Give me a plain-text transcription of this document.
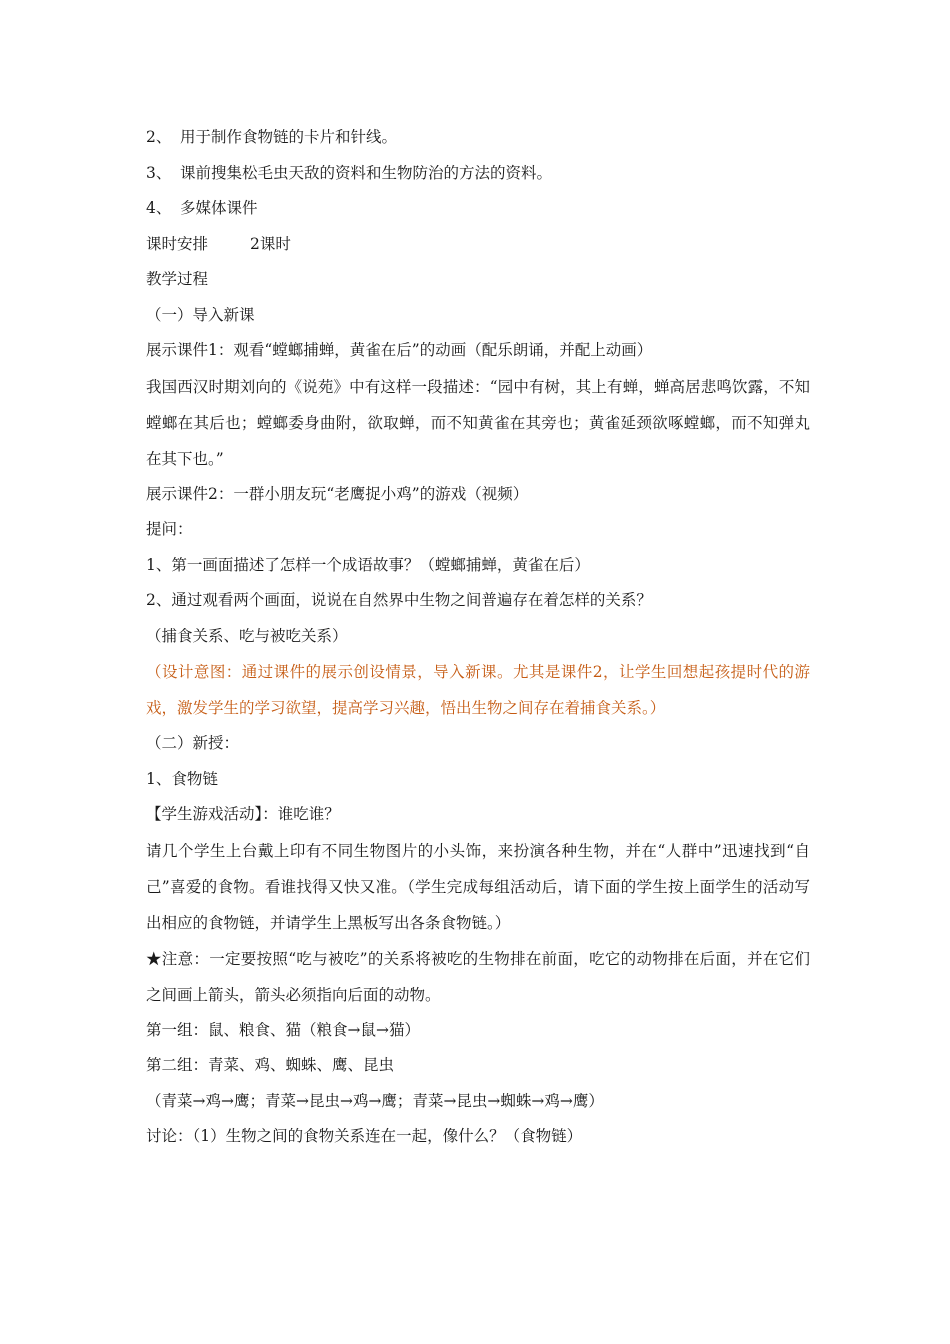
2、 用于制作食物链的卡片和针线。
3、 课前搜集松毛虫天敌的资料和生物防治的方法的资料。
4、 多媒体课件
课时安排	2课时
教学过程
（一）导入新课
展示课件1：观看“螳螂捕蝉，黄雀在后”的动画（配乐朗诵，并配上动画）
我国西汉时期刘向的《说苑》中有这样一段描述：“园中有树，其上有蝉，蝉高居悲鸣饮露，不知螳螂在其后也；螳螂委身曲附，欲取蝉，而不知黄雀在其旁也；黄雀延颈欲啄螳螂，而不知弹丸在其下也。”
展示课件2：一群小朋友玩“老鹰捉小鸡”的游戏（视频）
提问：
1、第一画面描述了怎样一个成语故事？（螳螂捕蝉，黄雀在后）
2、通过观看两个画面，说说在自然界中生物之间普遍存在着怎样的关系？
（捕食关系、吃与被吃关系）
（设计意图：通过课件的展示创设情景，导入新课。尤其是课件2，让学生回想起孩提时代的游戏，激发学生的学习欲望，提高学习兴趣，悟出生物之间存在着捕食关系。）
（二）新授：
1、食物链
【学生游戏活动】：谁吃谁？
请几个学生上台戴上印有不同生物图片的小头饰，来扮演各种生物，并在“人群中”迅速找到“自己”喜爱的食物。看谁找得又快又准。（学生完成每组活动后，请下面的学生按上面学生的活动写出相应的食物链，并请学生上黑板写出各条食物链。）
★注意：一定要按照“吃与被吃”的关系将被吃的生物排在前面，吃它的动物排在后面，并在它们之间画上箭头，箭头必须指向后面的动物。
第一组：鼠、粮食、猫（粮食→鼠→猫）
第二组：青菜、鸡、蜘蛛、鹰、昆虫
（青菜→鸡→鹰；青菜→昆虫→鸡→鹰；青菜→昆虫→蜘蛛→鸡→鹰）
讨论：（1）生物之间的食物关系连在一起，像什么？（食物链）
